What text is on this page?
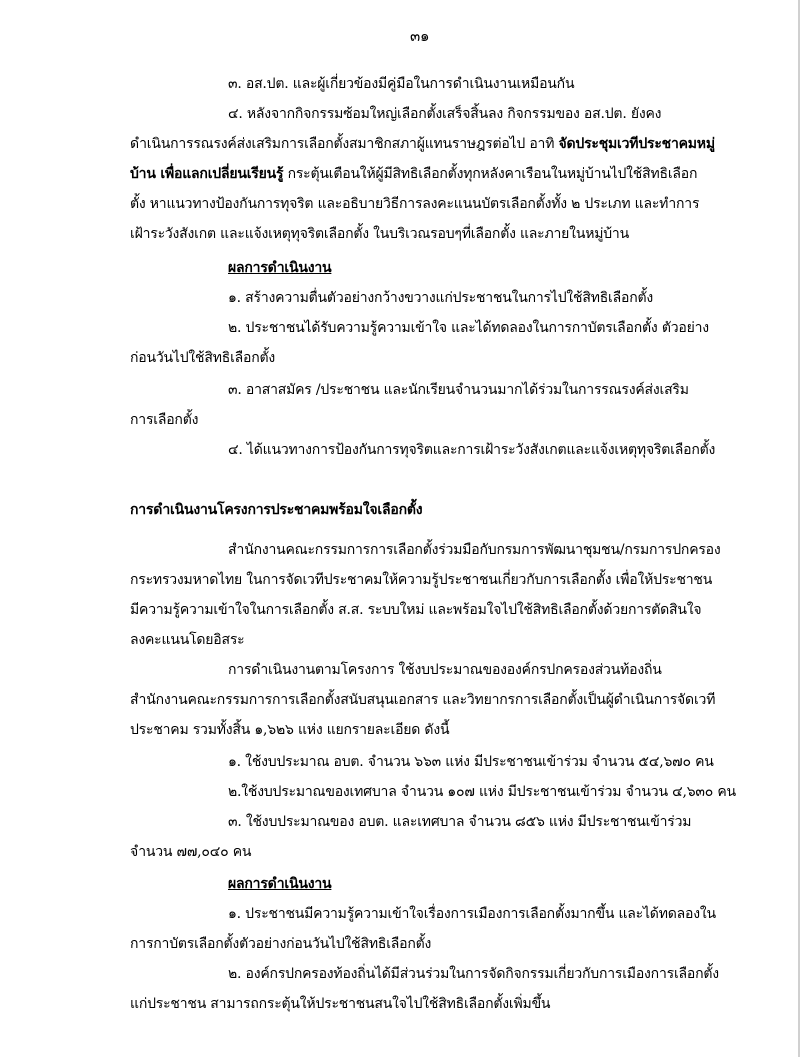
๓๑
๓. อส.ปต. และผู้เกี่ยวข้องมีคู่มือในการดำเนินงานเหมือนกัน
๔. หลังจากกิจกรรมซ้อมใหญ่เลือกตั้งเสร็จสิ้นลง กิจกรรมของ อส.ปต. ยังคง
ดำเนินการรณรงค์ส่งเสริมการเลือกตั้งสมาชิกสภาผู้แทนราษฎรต่อไป อาทิ จัดประชุมเวทีประชาคมหมู่
บ้าน เพื่อแลกเปลี่ยนเรียนรู้ กระตุ้นเตือนให้ผู้มีสิทธิเลือกตั้งทุกหลังคาเรือนในหมู่บ้านไปใช้สิทธิเลือก
ตั้ง หาแนวทางป้องกันการทุจริต และอธิบายวิธีการลงคะแนนบัตรเลือกตั้งทั้ง ๒ ประเภท และทำการ
เฝ้าระวังสังเกต และแจ้งเหตุทุจริตเลือกตั้ง ในบริเวณรอบๆที่เลือกตั้ง และภายในหมู่บ้าน
ผลการดำเนินงาน
๑. สร้างความตื่นตัวอย่างกว้างขวางแก่ประชาชนในการไปใช้สิทธิเลือกตั้ง
๒. ประชาชนได้รับความรู้ความเข้าใจ และได้ทดลองในการกาบัตรเลือกตั้ง ตัวอย่าง
ก่อนวันไปใช้สิทธิเลือกตั้ง
๓. อาสาสมัคร /ประชาชน และนักเรียนจำนวนมากได้ร่วมในการรณรงค์ส่งเสริม
การเลือกตั้ง
๔. ได้แนวทางการป้องกันการทุจริตและการเฝ้าระวังสังเกตและแจ้งเหตุทุจริตเลือกตั้ง
การดำเนินงานโครงการประชาคมพร้อมใจเลือกตั้ง
สำนักงานคณะกรรมการการเลือกตั้งร่วมมือกับกรมการพัฒนาชุมชน/กรมการปกครอง
กระทรวงมหาดไทย ในการจัดเวทีประชาคมให้ความรู้ประชาชนเกี่ยวกับการเลือกตั้ง เพื่อให้ประชาชน
มีความรู้ความเข้าใจในการเลือกตั้ง ส.ส. ระบบใหม่ และพร้อมใจไปใช้สิทธิเลือกตั้งด้วยการตัดสินใจ
ลงคะแนนโดยอิสระ
การดำเนินงานตามโครงการ ใช้งบประมาณขององค์กรปกครองส่วนท้องถิ่น
สำนักงานคณะกรรมการการเลือกตั้งสนับสนุนเอกสาร และวิทยากรการเลือกตั้งเป็นผู้ดำเนินการจัดเวที
ประชาคม รวมทั้งสิ้น ๑,๖๒๖ แห่ง แยกรายละเอียด ดังนี้
๑. ใช้งบประมาณ อบต. จำนวน ๖๖๓ แห่ง มีประชาชนเข้าร่วม จำนวน ๕๔,๖๗๐ คน
๒.ใช้งบประมาณของเทศบาล จำนวน ๑๐๗ แห่ง มีประชาชนเข้าร่วม จำนวน ๔,๖๓๐ คน
๓. ใช้งบประมาณของ อบต. และเทศบาล จำนวน ๘๕๖ แห่ง มีประชาชนเข้าร่วม
จำนวน ๗๗,๐๔๐ คน
ผลการดำเนินงาน
๑. ประชาชนมีความรู้ความเข้าใจเรื่องการเมืองการเลือกตั้งมากขึ้น และได้ทดลองใน
การกาบัตรเลือกตั้งตัวอย่างก่อนวันไปใช้สิทธิเลือกตั้ง
๒. องค์กรปกครองท้องถิ่นได้มีส่วนร่วมในการจัดกิจกรรมเกี่ยวกับการเมืองการเลือกตั้ง
แก่ประชาชน สามารถกระตุ้นให้ประชาชนสนใจไปใช้สิทธิเลือกตั้งเพิ่มขึ้น
